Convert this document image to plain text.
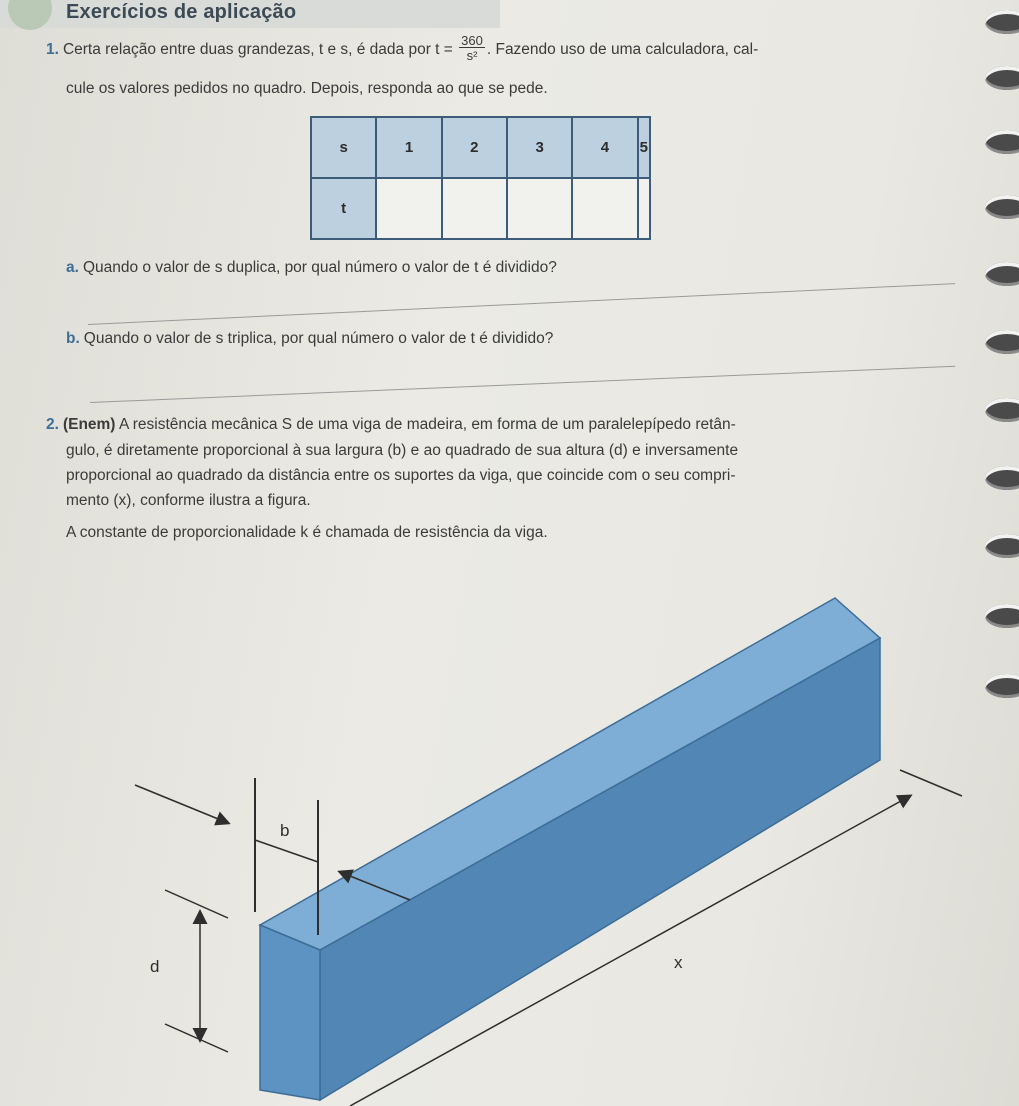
Exercícios de aplicação
1. Certa relação entre duas grandezas, t e s, é dada por $t = \frac{360}{\text{s²}}$ . Fazendo uso de uma calculadora, cal-
cule os valores pedidos no quadro. Depois, responda ao que se pede.
s	1	2	3	4	5
t					
a. Quando o valor de s duplica, por qual número o valor de t é dividido?
b. Quando o valor de s triplica, por qual número o valor de t é dividido?
2. (Enem) A resistência mecânica S de uma viga de madeira, em forma de um paralelepípedo retân-
gulo, é diretamente proporcional à sua largura (b) e ao quadrado de sua altura (d) e inversamente
proporcional ao quadrado da distância entre os suportes da viga, que coincide com o seu compri-
mento (x), conforme ilustra a figura.
A constante de proporcionalidade k é chamada de resistência da viga.
b
d	x
